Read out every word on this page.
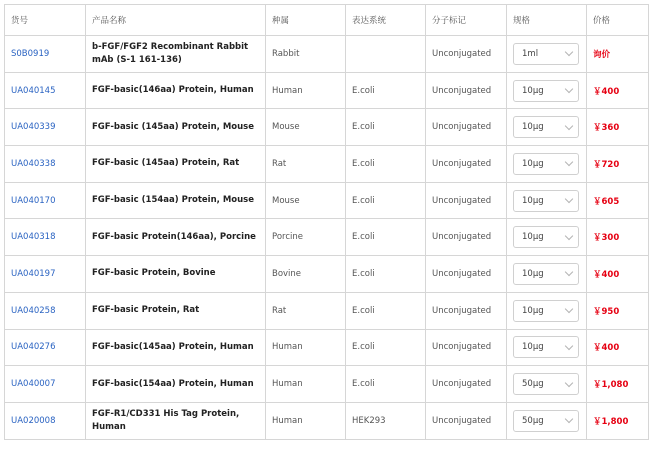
货号	产品名称	种属	表达系统	分子标记	规格	价格
S0B0919	b-FGF/FGF2 Recombinant Rabbit mAb (S-1 161-136)	Rabbit		Unconjugated	1ml	询价
UA040145	FGF-basic(146aa) Protein, Human	Human	E.coli	Unconjugated	10μg	￥400
UA040339	FGF-basic (145aa) Protein, Mouse	Mouse	E.coli	Unconjugated	10μg	￥360
UA040338	FGF-basic (145aa) Protein, Rat	Rat	E.coli	Unconjugated	10μg	￥720
UA040170	FGF-basic (154aa) Protein, Mouse	Mouse	E.coli	Unconjugated	10μg	￥605
UA040318	FGF-basic Protein(146aa), Porcine	Porcine	E.coli	Unconjugated	10μg	￥300
UA040197	FGF-basic Protein, Bovine	Bovine	E.coli	Unconjugated	10μg	￥400
UA040258	FGF-basic Protein, Rat	Rat	E.coli	Unconjugated	10μg	￥950
UA040276	FGF-basic(145aa) Protein, Human	Human	E.coli	Unconjugated	10μg	￥400
UA040007	FGF-basic(154aa) Protein, Human	Human	E.coli	Unconjugated	50μg	￥1,080
UA020008	FGF-R1/CD331 His Tag Protein, Human	Human	HEK293	Unconjugated	50μg	￥1,800
